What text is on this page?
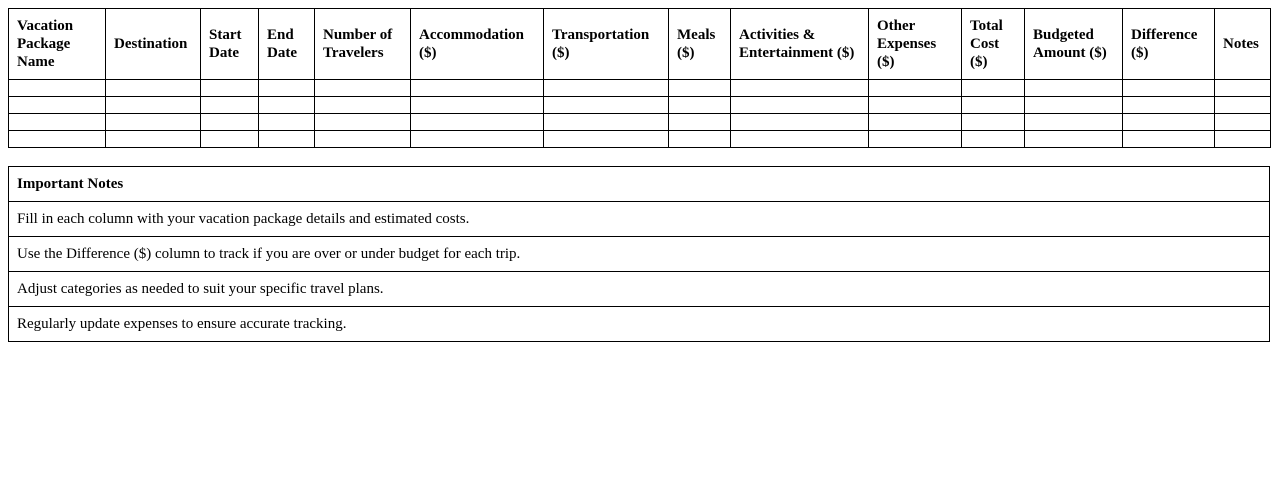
Vacation Package Name	Destination	Start Date	End Date	Number of Travelers	Accommodation ($)	Transportation ($)	Meals ($)	Activities & Entertainment ($)	Other Expenses ($)	Total Cost ($)	Budgeted Amount ($)	Difference ($)	Notes

Important Notes
Fill in each column with your vacation package details and estimated costs.
Use the Difference ($) column to track if you are over or under budget for each trip.
Adjust categories as needed to suit your specific travel plans.
Regularly update expenses to ensure accurate tracking.
